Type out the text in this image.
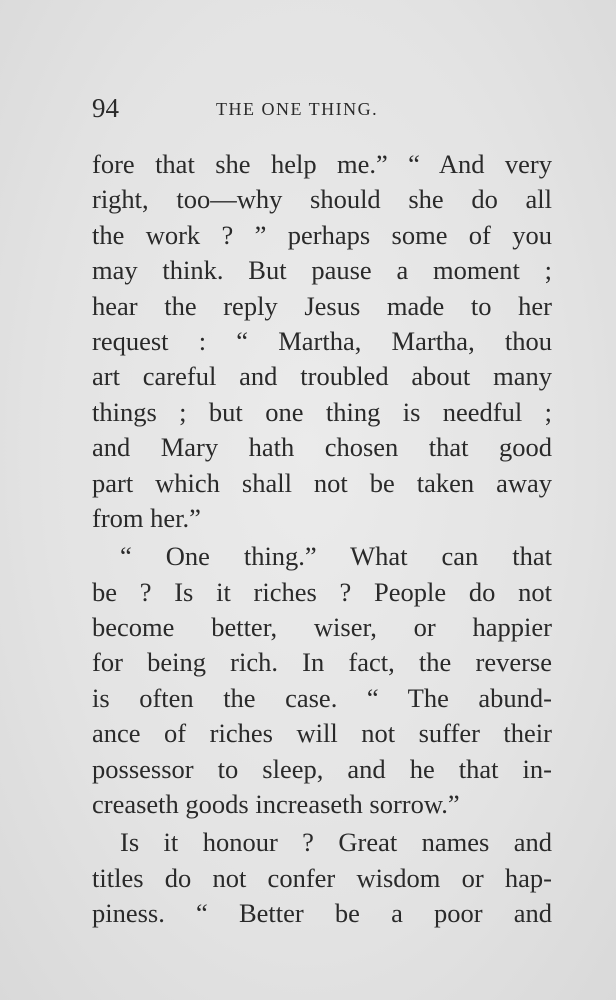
94	THE ONE THING.
fore that she help me.” “ And very
right, too—why should she do all
the work ? ” perhaps some of you
may think. But pause a moment ;
hear the reply Jesus made to her
request : “ Martha, Martha, thou
art careful and troubled about many
things ; but one thing is needful ;
and Mary hath chosen that good
part which shall not be taken away
from her.”
“ One thing.” What can that
be ? Is it riches ? People do not
become better, wiser, or happier
for being rich. In fact, the reverse
is often the case. “ The abund-
ance of riches will not suffer their
possessor to sleep, and he that in-
creaseth goods increaseth sorrow.”
Is it honour ? Great names and
titles do not confer wisdom or hap-
piness. “ Better be a poor and
